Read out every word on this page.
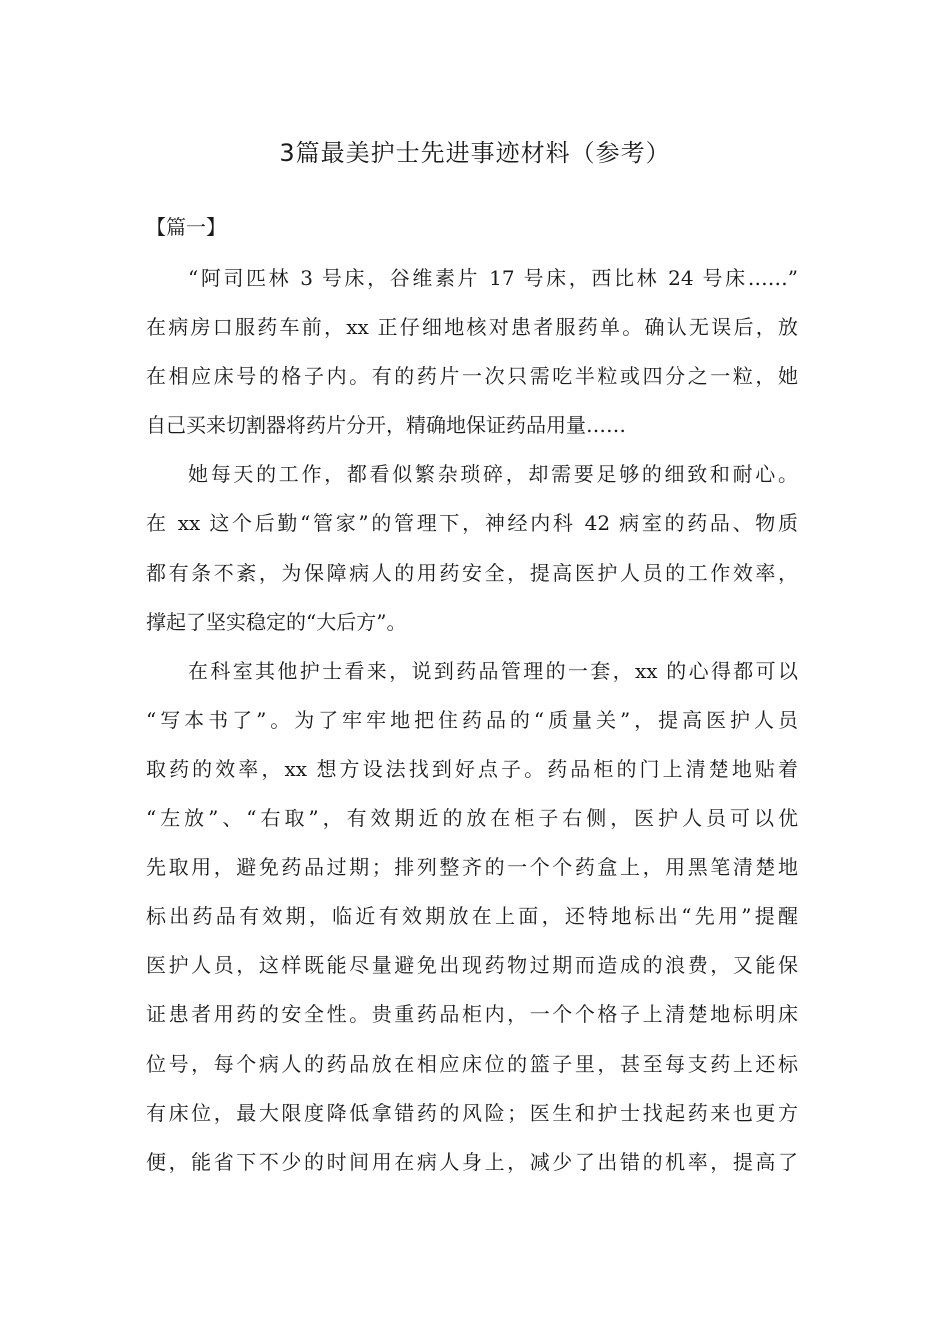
3篇最美护士先进事迹材料（参考）
【篇一】
“阿司匹林 3 号床，谷维素片 17 号床，西比林 24 号床……”
在病房口服药车前，xx 正仔细地核对患者服药单。确认无误后，放
在相应床号的格子内。有的药片一次只需吃半粒或四分之一粒，她
自己买来切割器将药片分开，精确地保证药品用量……
她每天的工作，都看似繁杂琐碎，却需要足够的细致和耐心。
在 xx 这个后勤“管家”的管理下，神经内科 42 病室的药品、物质
都有条不紊，为保障病人的用药安全，提高医护人员的工作效率，
撑起了坚实稳定的“大后方”。
在科室其他护士看来，说到药品管理的一套，xx 的心得都可以
“写本书了”。为了牢牢地把住药品的“质量关”，提高医护人员
取药的效率，xx 想方设法找到好点子。药品柜的门上清楚地贴着
“左放”、“右取”，有效期近的放在柜子右侧，医护人员可以优
先取用，避免药品过期；排列整齐的一个个药盒上，用黑笔清楚地
标出药品有效期，临近有效期放在上面，还特地标出“先用”提醒
医护人员，这样既能尽量避免出现药物过期而造成的浪费，又能保
证患者用药的安全性。贵重药品柜内，一个个格子上清楚地标明床
位号，每个病人的药品放在相应床位的篮子里，甚至每支药上还标
有床位，最大限度降低拿错药的风险；医生和护士找起药来也更方
便，能省下不少的时间用在病人身上，减少了出错的机率，提高了
